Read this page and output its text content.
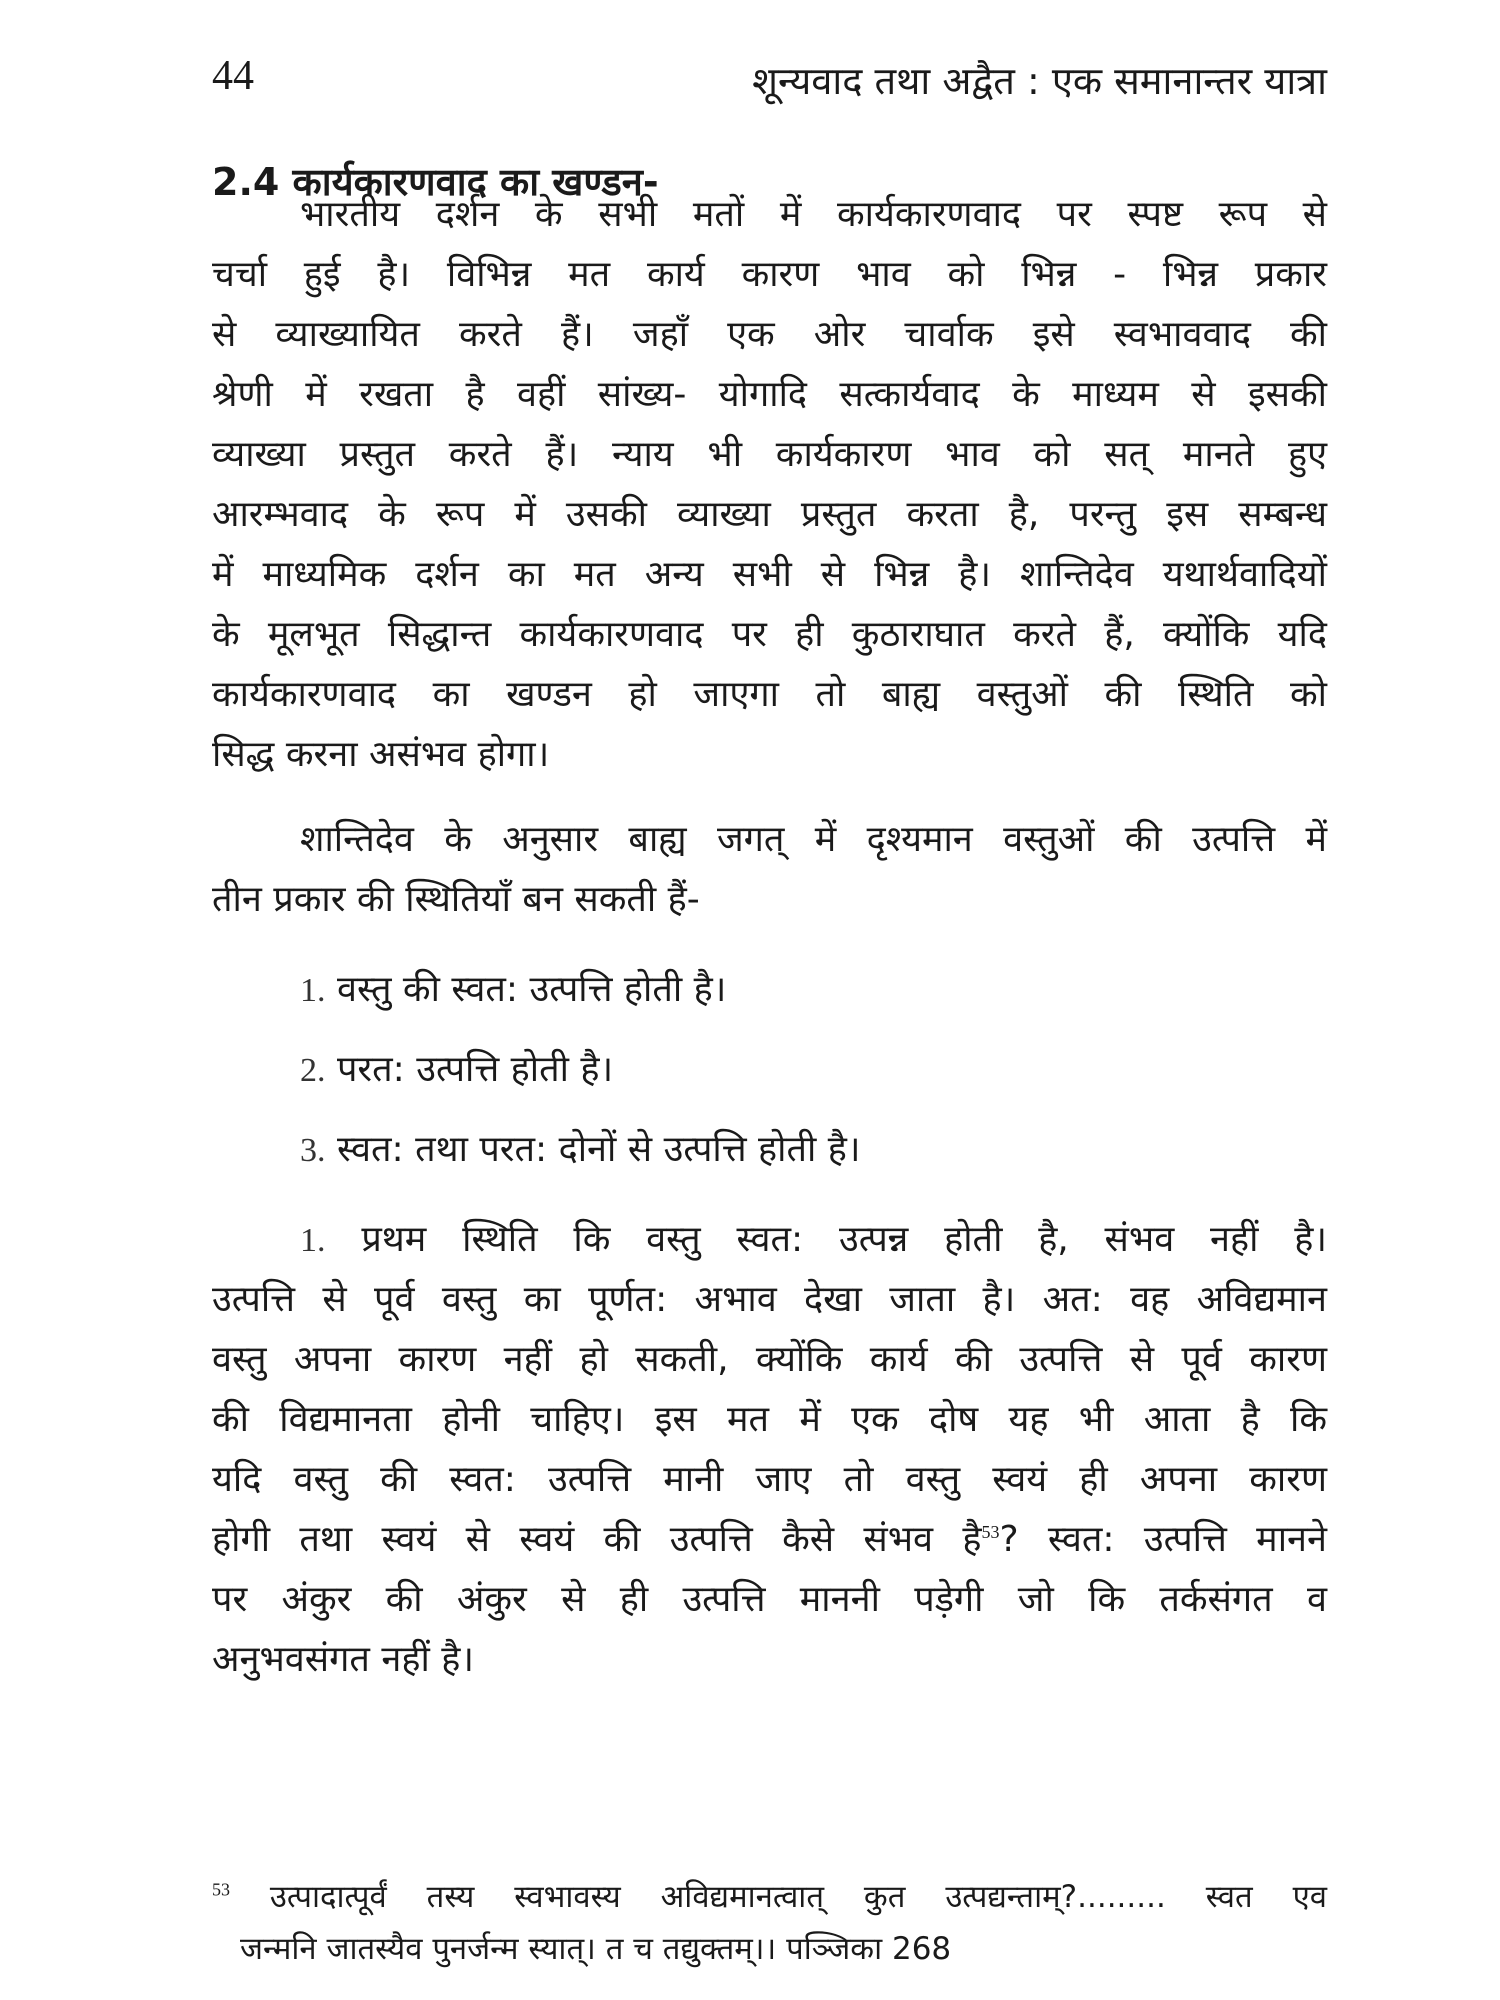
44	शून्यवाद तथा अद्वैत : एक समानान्तर यात्रा
2.4 कार्यकारणवाद का खण्डन-
भारतीय दर्शन के सभी मतों में कार्यकारणवाद पर स्पष्ट रूप से
चर्चा हुई है। विभिन्न मत कार्य कारण भाव को भिन्न - भिन्न प्रकार
से व्याख्यायित करते हैं। जहाँ एक ओर चार्वाक इसे स्वभाववाद की
श्रेणी में रखता है वहीं सांख्य- योगादि सत्कार्यवाद के माध्यम से इसकी
व्याख्या प्रस्तुत करते हैं। न्याय भी कार्यकारण भाव को सत् मानते हुए
आरम्भवाद के रूप में उसकी व्याख्या प्रस्तुत करता है, परन्तु इस सम्बन्ध
में माध्यमिक दर्शन का मत अन्य सभी से भिन्न है। शान्तिदेव यथार्थवादियों
के मूलभूत सिद्धान्त कार्यकारणवाद पर ही कुठाराघात करते हैं, क्योंकि यदि
कार्यकारणवाद का खण्डन हो जाएगा तो बाह्य वस्तुओं की स्थिति को
सिद्ध करना असंभव होगा।
शान्तिदेव के अनुसार बाह्य जगत् में दृश्यमान वस्तुओं की उत्पत्ति में
तीन प्रकार की स्थितियाँ बन सकती हैं-
1. वस्तु की स्वत: उत्पत्ति होती है।
2. परत: उत्पत्ति होती है।
3. स्वत: तथा परत: दोनों से उत्पत्ति होती है।
1. प्रथम स्थिति कि वस्तु स्वत: उत्पन्न होती है, संभव नहीं है।
उत्पत्ति से पूर्व वस्तु का पूर्णत: अभाव देखा जाता है। अत: वह अविद्यमान
वस्तु अपना कारण नहीं हो सकती, क्योंकि कार्य की उत्पत्ति से पूर्व कारण
की विद्यमानता होनी चाहिए। इस मत में एक दोष यह भी आता है कि
यदि वस्तु की स्वत: उत्पत्ति मानी जाए तो वस्तु स्वयं ही अपना कारण
होगी तथा स्वयं से स्वयं की उत्पत्ति कैसे संभव है$^{53}$? स्वत: उत्पत्ति मानने
पर अंकुर की अंकुर से ही उत्पत्ति माननी पड़ेगी जो कि तर्कसंगत व
अनुभवसंगत नहीं है।
$^{53}$ उत्पादात्पूर्वं तस्य स्वभावस्य अविद्यमानत्वात् कुत उत्पद्यन्ताम्?......... स्वत एव
जन्मनि जातस्यैव पुनर्जन्म स्यात्। त च तद्युक्तम्।। पञ्जिका 268
